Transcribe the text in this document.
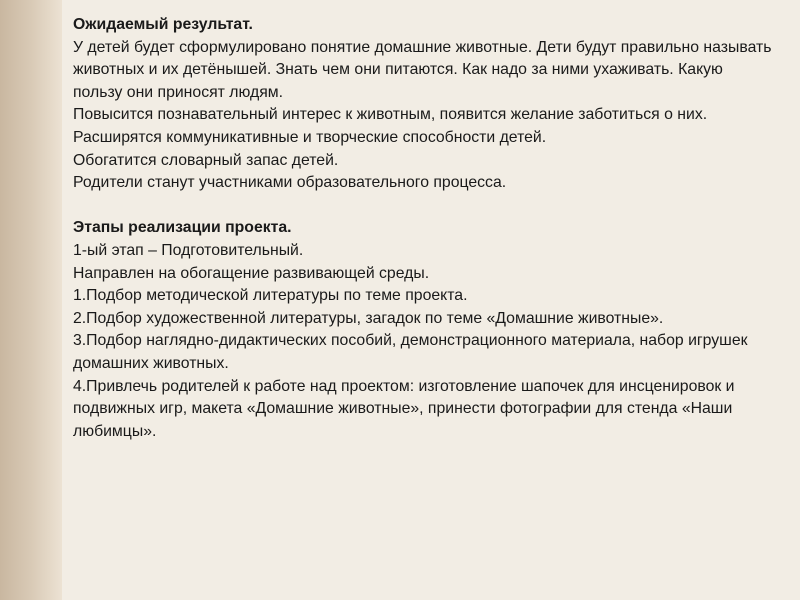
Ожидаемый результат.

У детей будет сформулировано понятие домашние животные. Дети будут правильно называть животных и их детёнышей. Знать чем они питаются. Как надо за ними ухаживать. Какую пользу они приносят людям.

Повысится познавательный интерес к животным, появится желание заботиться о них.

Расширятся коммуникативные и творческие способности детей.

Обогатится словарный запас детей.

Родители станут участниками образовательного процесса.

Этапы реализации проекта.

1-ый этап – Подготовительный.

Направлен на обогащение развивающей среды.

1.Подбор методической литературы по теме проекта.

2.Подбор художественной литературы, загадок по теме «Домашние животные».

3.Подбор наглядно-дидактических пособий, демонстрационного материала, набор игрушек домашних животных.

4.Привлечь родителей к работе над проектом: изготовление шапочек для инсценировок и подвижных игр, макета «Домашние животные», принести фотографии для стенда «Наши любимцы».
